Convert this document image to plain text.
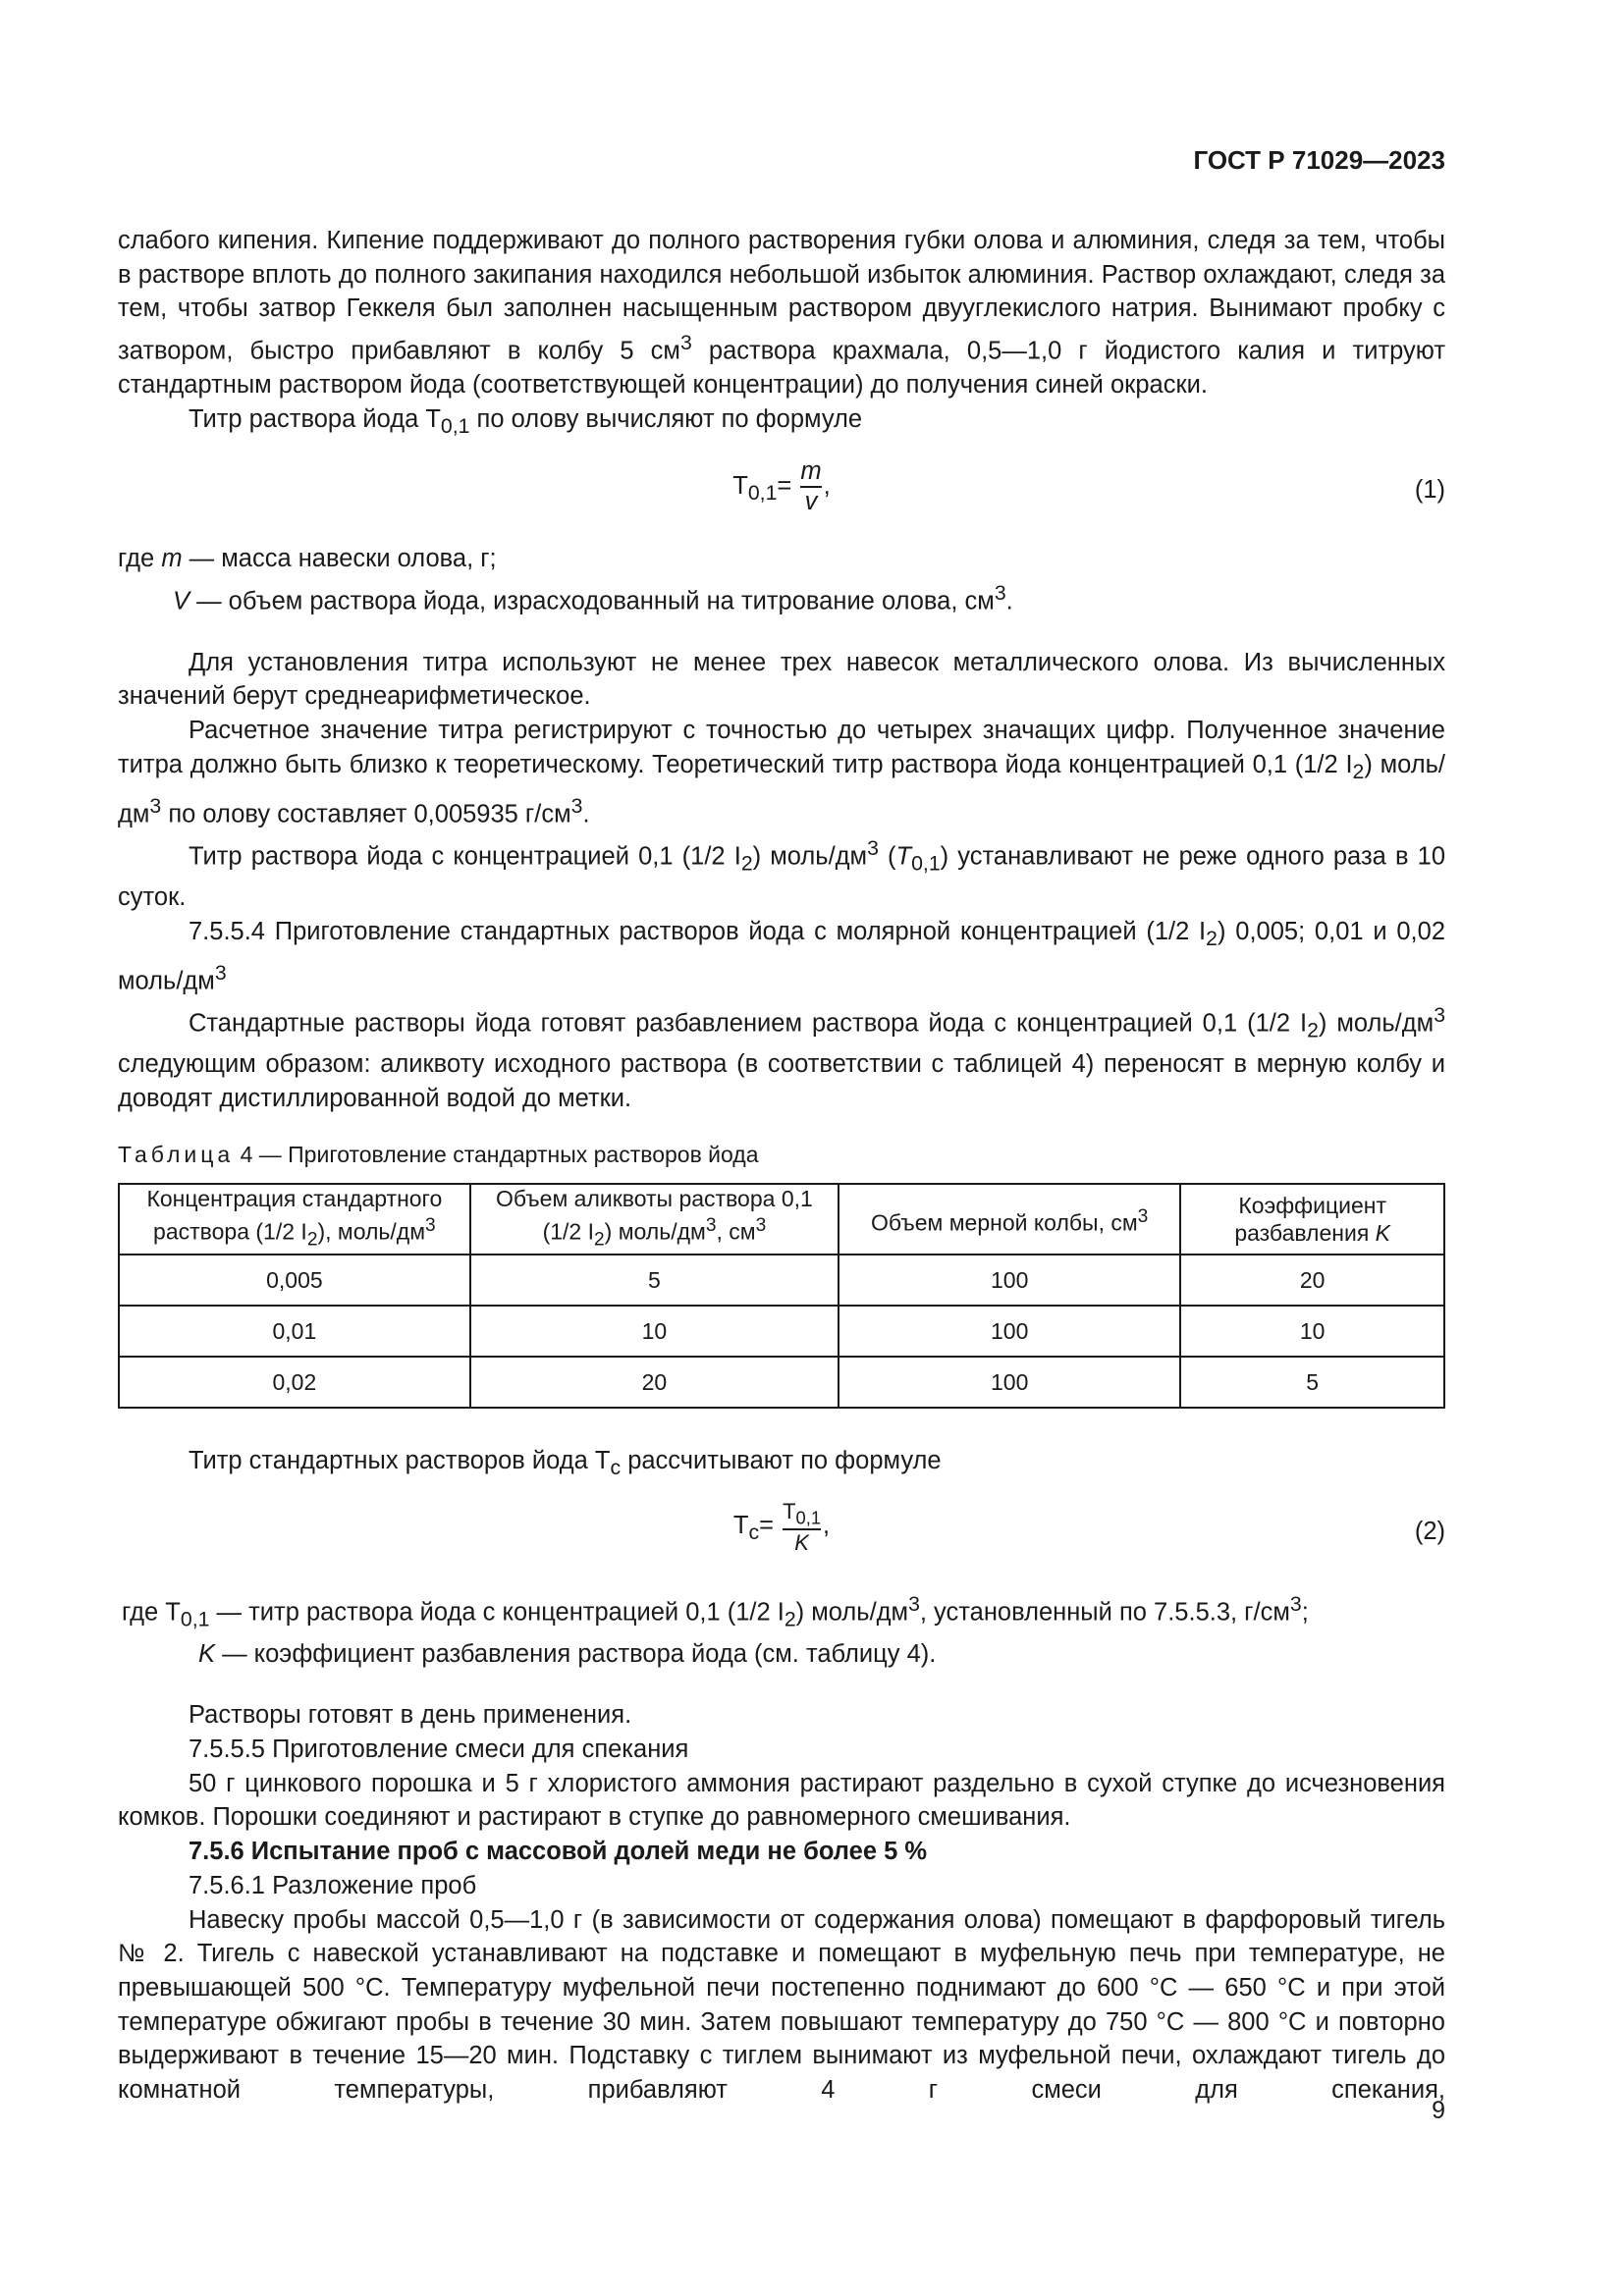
ГОСТ Р 71029—2023

слабого кипения. Кипение поддерживают до полного растворения губки олова и алюминия, следя за тем, чтобы в растворе вплоть до полного закипания находился небольшой избыток алюминия. Раствор охлаждают, следя за тем, чтобы затвор Геккеля был заполнен насыщенным раствором двууглекислого натрия. Вынимают пробку с затвором, быстро прибавляют в колбу 5 $см^3$ раствора крахмала, 0,5—1,0 г йодистого калия и титруют стандартным раствором йода (соответствующей концентрации) до получения синей окраски.

Титр раствора йода $Т_{0,1}$ по олову вычисляют по формуле

$Т_{0,1}= \frac{m}{v}$ ,	(1)

где m — масса навески олова, г;

V — объем раствора йода, израсходованный на титрование олова, $см^3$.

Для установления титра используют не менее трех навесок металлического олова. Из вычисленных значений берут среднеарифметическое.

Расчетное значение титра регистрируют с точностью до четырех значащих цифр. Полученное значение титра должно быть близко к теоретическому. Теоретический титр раствора йода концентрацией 0,1 (1/2 $I_2$) моль/$дм^3$ по олову составляет 0,005935 $г/см^3$.

Титр раствора йода с концентрацией 0,1 (1/2 $I_2$) моль/$дм^3$ $(T_{0,1})$ устанавливают не реже одного раза в 10 суток.

7.5.5.4 Приготовление стандартных растворов йода с молярной концентрацией (1/2 $I_2$) 0,005; 0,01 и 0,02 моль/$дм^3$

Стандартные растворы йода готовят разбавлением раствора йода с концентрацией 0,1 (1/2 $I_2$) моль/$дм^3$ следующим образом: аликвоту исходного раствора (в соответствии с таблицей 4) переносят в мерную колбу и доводят дистиллированной водой до метки.

Таблица 4 — Приготовление стандартных растворов йода
Концентрация стандартного раствора (1/2 $I_2$), моль/$дм^3$	Объем аликвоты раствора 0,1 (1/2 $I_2$) моль/$дм^3$, $см^3$	Объем мерной колбы, $см^3$	Коэффициент разбавления K
0,005	5	100	20
0,01	10	100	10
0,02	20	100	5

Титр стандартных растворов йода $Т_с$ рассчитывают по формуле

$Т_с= \frac{Т_{0,1}}{K}$ ,	(2)

где $Т_{0,1}$ — титр раствора йода с концентрацией 0,1 (1/2 $I_2$) моль/$дм^3$, установленный по 7.5.5.3, $г/см^3$;

K — коэффициент разбавления раствора йода (см. таблицу 4).

Растворы готовят в день применения.

7.5.5.5 Приготовление смеси для спекания

50 г цинкового порошка и 5 г хлористого аммония растирают раздельно в сухой ступке до исчезновения комков. Порошки соединяют и растирают в ступке до равномерного смешивания.

7.5.6 Испытание проб с массовой долей меди не более 5 %

7.5.6.1 Разложение проб

Навеску пробы массой 0,5—1,0 г (в зависимости от содержания олова) помещают в фарфоровый тигель № 2. Тигель с навеской устанавливают на подставке и помещают в муфельную печь при температуре, не превышающей 500 °С. Температуру муфельной печи постепенно поднимают до 600 °С — 650 °С и при этой температуре обжигают пробы в течение 30 мин. Затем повышают температуру до 750 °С — 800 °С и повторно выдерживают в течение 15—20 мин. Подставку с тиглем вынимают из муфельной печи, охлаждают тигель до комнатной температуры, прибавляют 4 г смеси для спекания,

9
